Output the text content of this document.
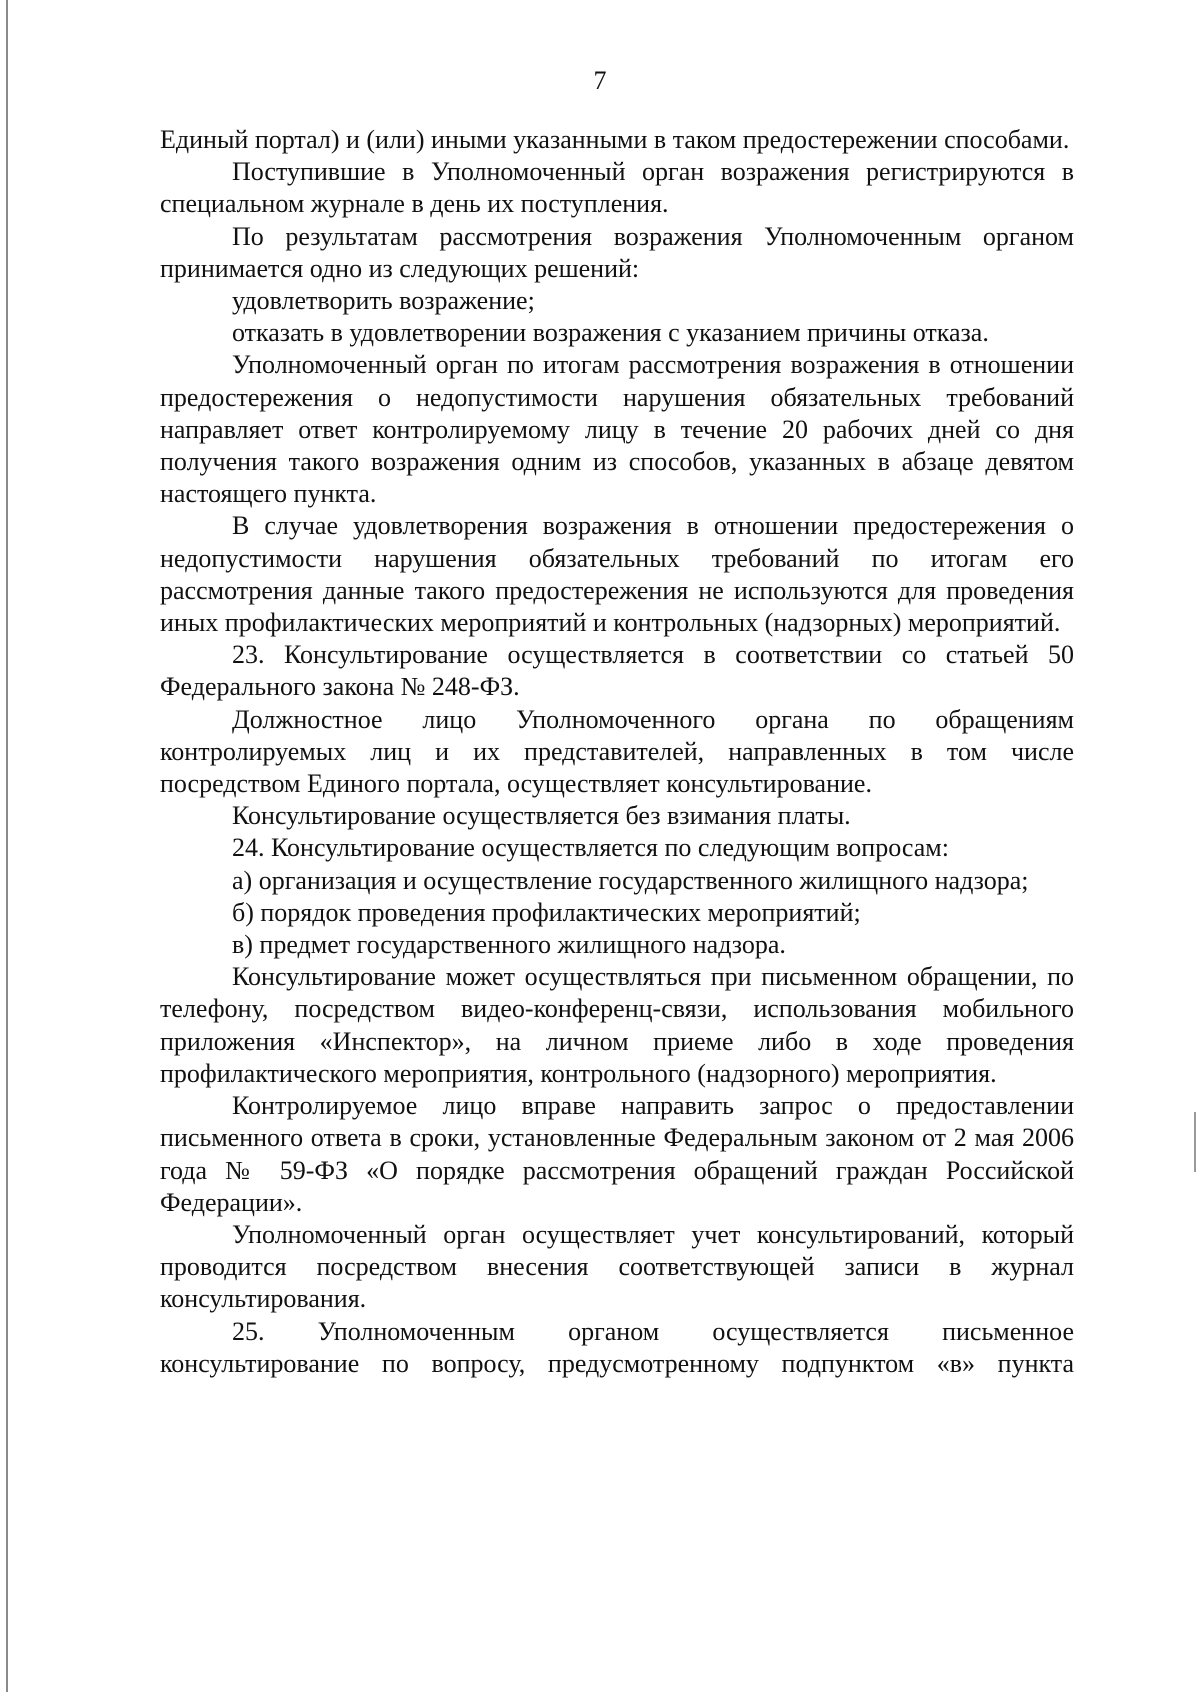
7

Единый портал) и (или) иными указанными в таком предостережении способами.

Поступившие в Уполномоченный орган возражения регистрируются в специальном журнале в день их поступления.

По результатам рассмотрения возражения Уполномоченным органом принимается одно из следующих решений:

удовлетворить возражение;

отказать в удовлетворении возражения с указанием причины отказа.

Уполномоченный орган по итогам рассмотрения возражения в отношении предостережения о недопустимости нарушения обязательных требований направляет ответ контролируемому лицу в течение 20 рабочих дней со дня получения такого возражения одним из способов, указанных в абзаце девятом настоящего пункта.

В случае удовлетворения возражения в отношении предостережения о недопустимости нарушения обязательных требований по итогам его рассмотрения данные такого предостережения не используются для проведения иных профилактических мероприятий и контрольных (надзорных) мероприятий.

23. Консультирование осуществляется в соответствии со статьей 50 Федерального закона № 248-ФЗ.

Должностное лицо Уполномоченного органа по обращениям контролируемых лиц и их представителей, направленных в том числе посредством Единого портала, осуществляет консультирование.

Консультирование осуществляется без взимания платы.

24. Консультирование осуществляется по следующим вопросам:

а) организация и осуществление государственного жилищного надзора;

б) порядок проведения профилактических мероприятий;

в) предмет государственного жилищного надзора.

Консультирование может осуществляться при письменном обращении, по телефону, посредством видео-конференц-связи, использования мобильного приложения «Инспектор», на личном приеме либо в ходе проведения профилактического мероприятия, контрольного (надзорного) мероприятия.

Контролируемое лицо вправе направить запрос о предоставлении письменного ответа в сроки, установленные Федеральным законом от 2 мая 2006 года № 59-ФЗ «О порядке рассмотрения обращений граждан Российской Федерации».

Уполномоченный орган осуществляет учет консультирований, который проводится посредством внесения соответствующей записи в журнал консультирования.

25. Уполномоченным органом осуществляется письменное консультирование по вопросу, предусмотренному подпунктом «в» пункта
